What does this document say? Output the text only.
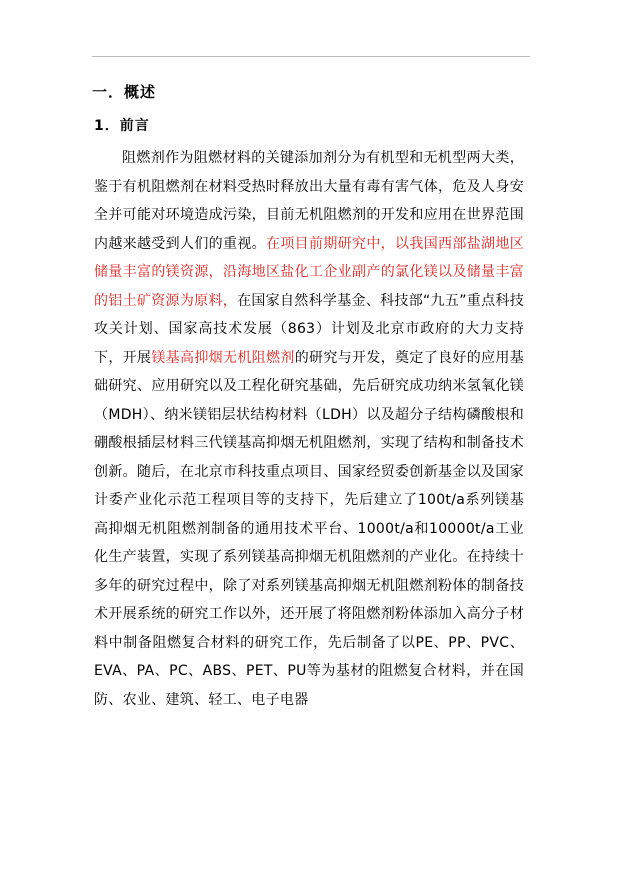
一．概述
1．前言

阻燃剂作为阻燃材料的关键添加剂分为有机型和无机型两大类，鉴于有机阻燃剂在材料受热时释放出大量有毒有害气体，危及人身安全并可能对环境造成污染，目前无机阻燃剂的开发和应用在世界范围内越来越受到人们的重视。在项目前期研究中，以我国西部盐湖地区储量丰富的镁资源，沿海地区盐化工企业副产的氯化镁以及储量丰富的铝土矿资源为原料，在国家自然科学基金、科技部“九五”重点科技攻关计划、国家高技术发展（863）计划及北京市政府的大力支持下，开展镁基高抑烟无机阻燃剂的研究与开发，奠定了良好的应用基础研究、应用研究以及工程化研究基础，先后研究成功纳米氢氧化镁（MDH）、纳米镁铝层状结构材料（LDH）以及超分子结构磷酸根和硼酸根插层材料三代镁基高抑烟无机阻燃剂，实现了结构和制备技术创新。随后，在北京市科技重点项目、国家经贸委创新基金以及国家计委产业化示范工程项目等的支持下，先后建立了100t/a系列镁基高抑烟无机阻燃剂制备的通用技术平台、1000t/a和10000t/a工业化生产装置，实现了系列镁基高抑烟无机阻燃剂的产业化。在持续十多年的研究过程中，除了对系列镁基高抑烟无机阻燃剂粉体的制备技术开展系统的研究工作以外，还开展了将阻燃剂粉体添加入高分子材料中制备阻燃复合材料的研究工作，先后制备了以PE、PP、PVC、EVA、PA、PC、ABS、PET、PU等为基材的阻燃复合材料，并在国防、农业、建筑、轻工、电子电器
